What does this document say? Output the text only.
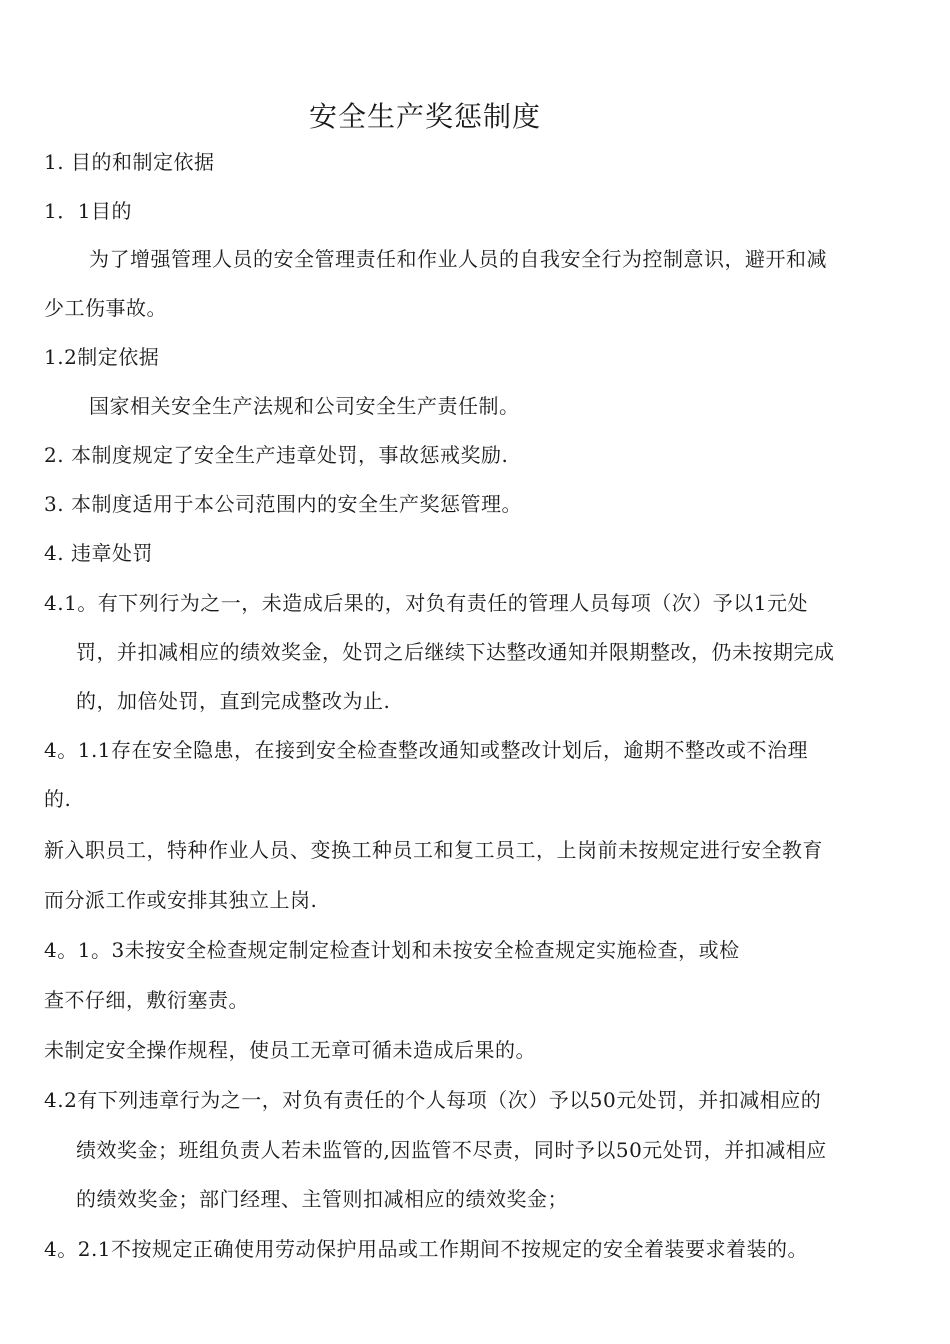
安全生产奖惩制度
1. 目的和制定依据
1．1目的
为了增强管理人员的安全管理责任和作业人员的自我安全行为控制意识，避开和减
少工伤事故。
1.2制定依据
国家相关安全生产法规和公司安全生产责任制。
2. 本制度规定了安全生产违章处罚，事故惩戒奖励.
3. 本制度适用于本公司范围内的安全生产奖惩管理。
4. 违章处罚
4.1。有下列行为之一，未造成后果的，对负有责任的管理人员每项（次）予以1元处
罚，并扣减相应的绩效奖金，处罚之后继续下达整改通知并限期整改，仍未按期完成
的，加倍处罚，直到完成整改为止.
4。1.1存在安全隐患，在接到安全检查整改通知或整改计划后，逾期不整改或不治理
的.
新入职员工，特种作业人员、变换工种员工和复工员工，上岗前未按规定进行安全教育
而分派工作或安排其独立上岗.
4。1。3未按安全检查规定制定检查计划和未按安全检查规定实施检查，或检
查不仔细，敷衍塞责。
未制定安全操作规程，使员工无章可循未造成后果的。
4.2有下列违章行为之一，对负有责任的个人每项（次）予以50元处罚，并扣减相应的
绩效奖金；班组负责人若未监管的,因监管不尽责，同时予以50元处罚，并扣减相应
的绩效奖金；部门经理、主管则扣减相应的绩效奖金；
4。2.1不按规定正确使用劳动保护用品或工作期间不按规定的安全着装要求着装的。
